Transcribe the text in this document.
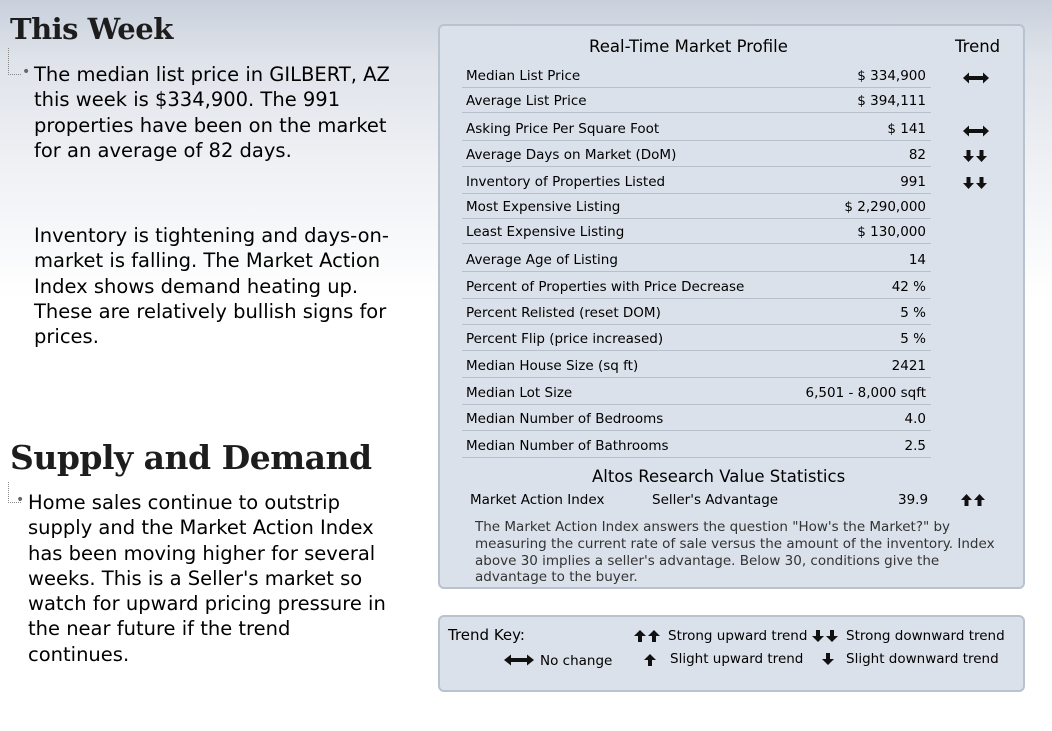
This Week
The median list price in GILBERT, AZ
this week is $334,900. The 991
properties have been on the market
for an average of 82 days.
Inventory is tightening and days-on-
market is falling. The Market Action
Index shows demand heating up.
These are relatively bullish signs for
prices.
Supply and Demand
Home sales continue to outstrip
supply and the Market Action Index
has been moving higher for several
weeks. This is a Seller's market so
watch for upward pricing pressure in
the near future if the trend
continues.
Real-Time Market Profile	Trend
Median List Price	$ 334,900
Average List Price	$ 394,111
Asking Price Per Square Foot	$ 141
Average Days on Market (DoM)	82
Inventory of Properties Listed	991
Most Expensive Listing	$ 2,290,000
Least Expensive Listing	$ 130,000
Average Age of Listing	14
Percent of Properties with Price Decrease	42 %
Percent Relisted (reset DOM)	5 %
Percent Flip (price increased)	5 %
Median House Size (sq ft)	2421
Median Lot Size	6,501 - 8,000 sqft
Median Number of Bedrooms	4.0
Median Number of Bathrooms	2.5
Altos Research Value Statistics
Market Action Index	Seller's Advantage	39.9
The Market Action Index answers the question "How's the Market?" by measuring the current rate of sale versus the amount of the inventory. Index above 30 implies a seller's advantage. Below 30, conditions give the advantage to the buyer.
Trend Key:	Strong upward trend	Strong downward trend
No change	Slight upward trend	Slight downward trend
•
•
